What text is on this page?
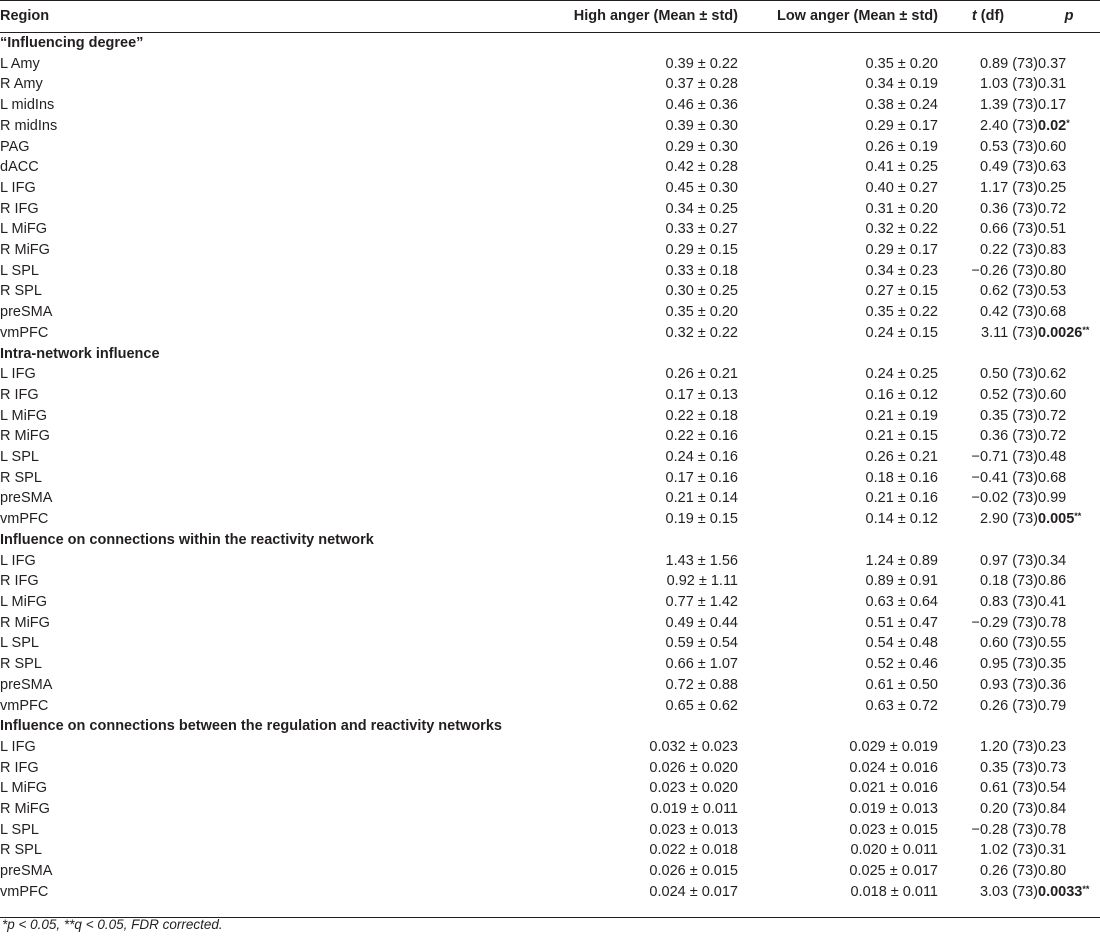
Region	High anger (Mean ± std)	Low anger (Mean ± std)	t (df)	p
“Influencing degree”				
L Amy	0.39 ± 0.22	0.35 ± 0.20	0.89 (73)	0.37
R Amy	0.37 ± 0.28	0.34 ± 0.19	1.03 (73)	0.31
L midIns	0.46 ± 0.36	0.38 ± 0.24	1.39 (73)	0.17
R midIns	0.39 ± 0.30	0.29 ± 0.17	2.40 (73)	0.02*
PAG	0.29 ± 0.30	0.26 ± 0.19	0.53 (73)	0.60
dACC	0.42 ± 0.28	0.41 ± 0.25	0.49 (73)	0.63
L IFG	0.45 ± 0.30	0.40 ± 0.27	1.17 (73)	0.25
R IFG	0.34 ± 0.25	0.31 ± 0.20	0.36 (73)	0.72
L MiFG	0.33 ± 0.27	0.32 ± 0.22	0.66 (73)	0.51
R MiFG	0.29 ± 0.15	0.29 ± 0.17	0.22 (73)	0.83
L SPL	0.33 ± 0.18	0.34 ± 0.23	−0.26 (73)	0.80
R SPL	0.30 ± 0.25	0.27 ± 0.15	0.62 (73)	0.53
preSMA	0.35 ± 0.20	0.35 ± 0.22	0.42 (73)	0.68
vmPFC	0.32 ± 0.22	0.24 ± 0.15	3.11 (73)	0.0026**
Intra-network influence				
L IFG	0.26 ± 0.21	0.24 ± 0.25	0.50 (73)	0.62
R IFG	0.17 ± 0.13	0.16 ± 0.12	0.52 (73)	0.60
L MiFG	0.22 ± 0.18	0.21 ± 0.19	0.35 (73)	0.72
R MiFG	0.22 ± 0.16	0.21 ± 0.15	0.36 (73)	0.72
L SPL	0.24 ± 0.16	0.26 ± 0.21	−0.71 (73)	0.48
R SPL	0.17 ± 0.16	0.18 ± 0.16	−0.41 (73)	0.68
preSMA	0.21 ± 0.14	0.21 ± 0.16	−0.02 (73)	0.99
vmPFC	0.19 ± 0.15	0.14 ± 0.12	2.90 (73)	0.005**
Influence on connections within the reactivity network				
L IFG	1.43 ± 1.56	1.24 ± 0.89	0.97 (73)	0.34
R IFG	0.92 ± 1.11	0.89 ± 0.91	0.18 (73)	0.86
L MiFG	0.77 ± 1.42	0.63 ± 0.64	0.83 (73)	0.41
R MiFG	0.49 ± 0.44	0.51 ± 0.47	−0.29 (73)	0.78
L SPL	0.59 ± 0.54	0.54 ± 0.48	0.60 (73)	0.55
R SPL	0.66 ± 1.07	0.52 ± 0.46	0.95 (73)	0.35
preSMA	0.72 ± 0.88	0.61 ± 0.50	0.93 (73)	0.36
vmPFC	0.65 ± 0.62	0.63 ± 0.72	0.26 (73)	0.79
Influence on connections between the regulation and reactivity networks				
L IFG	0.032 ± 0.023	0.029 ± 0.019	1.20 (73)	0.23
R IFG	0.026 ± 0.020	0.024 ± 0.016	0.35 (73)	0.73
L MiFG	0.023 ± 0.020	0.021 ± 0.016	0.61 (73)	0.54
R MiFG	0.019 ± 0.011	0.019 ± 0.013	0.20 (73)	0.84
L SPL	0.023 ± 0.013	0.023 ± 0.015	−0.28 (73)	0.78
R SPL	0.022 ± 0.018	0.020 ± 0.011	1.02 (73)	0.31
preSMA	0.026 ± 0.015	0.025 ± 0.017	0.26 (73)	0.80
vmPFC	0.024 ± 0.017	0.018 ± 0.011	3.03 (73)	0.0033**

*p < 0.05, **q < 0.05, FDR corrected.
